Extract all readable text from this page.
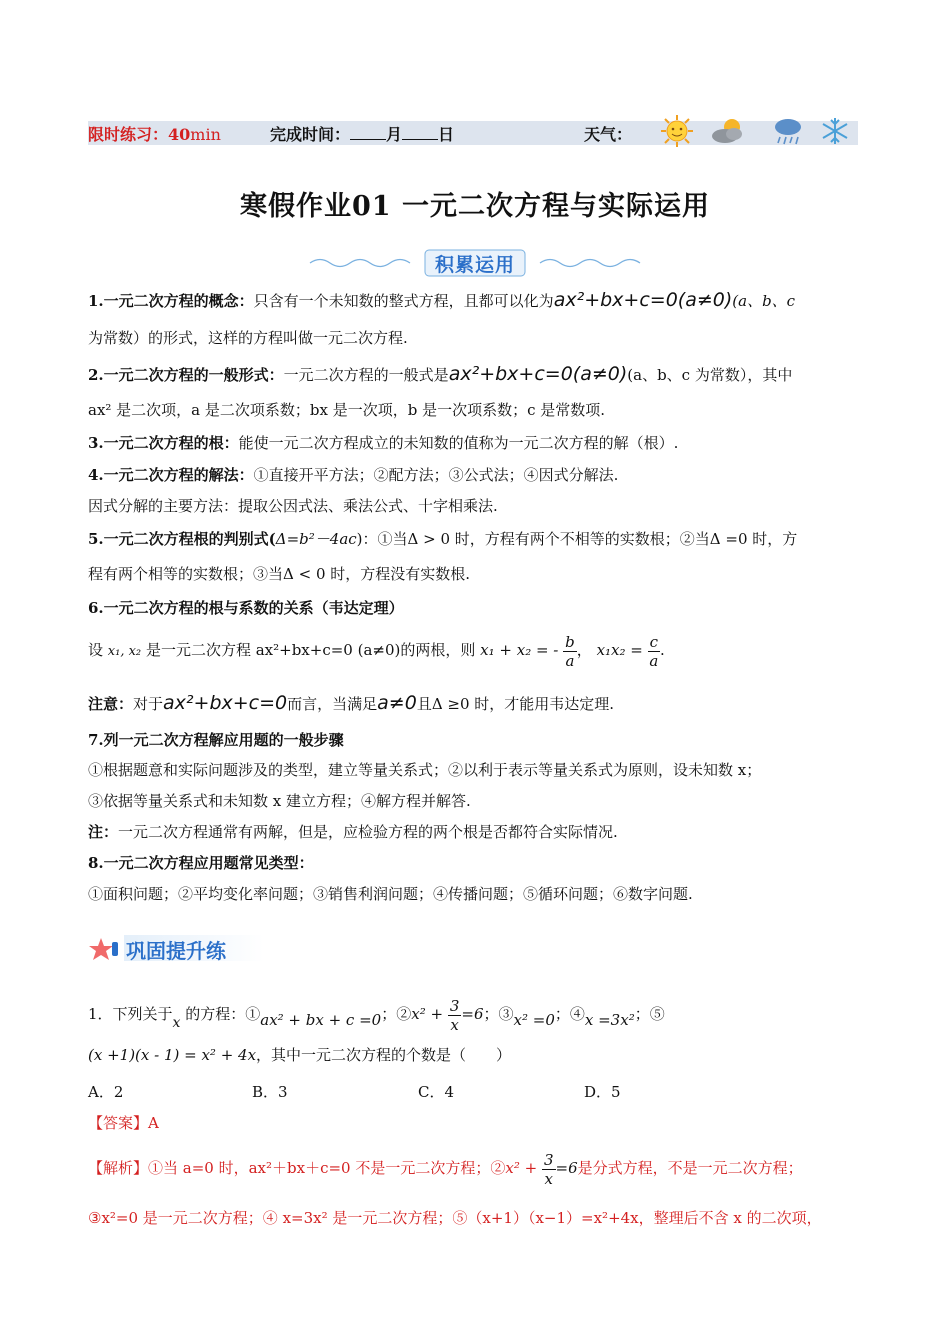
限时练习：40min	完成时间： 月 日	天气：
寒假作业01 一元二次方程与实际运用
积累运用
1.一元二次方程的概念：只含有一个未知数的整式方程，且都可以化为ax²+bx+c=0(a≠0)(a、b、c
为常数）的形式，这样的方程叫做一元二次方程.
2.一元二次方程的一般形式：一元二次方程的一般式是ax²+bx+c=0(a≠0)(a、b、c 为常数），其中
ax² 是二次项，a 是二次项系数；bx 是一次项，b 是一次项系数；c 是常数项.
3.一元二次方程的根：能使一元二次方程成立的未知数的值称为一元二次方程的解（根）.
4.一元二次方程的解法：①直接开平方法；②配方法；③公式法；④因式分解法.
因式分解的主要方法：提取公因式法、乘法公式、十字相乘法.
5.一元二次方程根的判别式(Δ=b²－4ac)：①当Δ > 0 时，方程有两个不相等的实数根；②当Δ =0 时，方
程有两个相等的实数根；③当Δ < 0 时，方程没有实数根.
6.一元二次方程的根与系数的关系（韦达定理）
设 x₁, x₂ 是一元二次方程 ax²+bx+c=0 (a≠0)的两根，则 x₁ + x₂ = - $\frac{b}{a}$ ， $x_1x_2 = \frac{c}{a}$ .
注意：对于ax²+bx+c=0而言，当满足a≠0且Δ ≥0 时，才能用韦达定理.
7.列一元二次方程解应用题的一般步骤
①根据题意和实际问题涉及的类型，建立等量关系式；②以利于表示等量关系式为原则，设未知数 x；
③依据等量关系式和未知数 x 建立方程；④解方程并解答.
注：一元二次方程通常有两解，但是，应检验方程的两个根是否都符合实际情况.
8.一元二次方程应用题常见类型：
①面积问题；②平均变化率问题；③销售利润问题；④传播问题；⑤循环问题；⑥数字问题.
巩固提升练
1．下列关于x 的方程：①ax² + bx + c =0；②x² + $\frac{3}{x} =6$；③x² =0；④x =3x²；⑤
(x +1)(x - 1) = x² + 4x，其中一元二次方程的个数是（　　）
A．2	B．3	C．4	D．5
【答案】A
【解析】①当 a=0 时，ax²＋bx＋c=0 不是一元二次方程；②x² + $\frac{3}{x} =6$是分式方程，不是一元二次方程；
③x²=0 是一元二次方程；④ x=3x² 是一元二次方程；⑤（x+1）（x−1）=x²+4x，整理后不含 x 的二次项，
